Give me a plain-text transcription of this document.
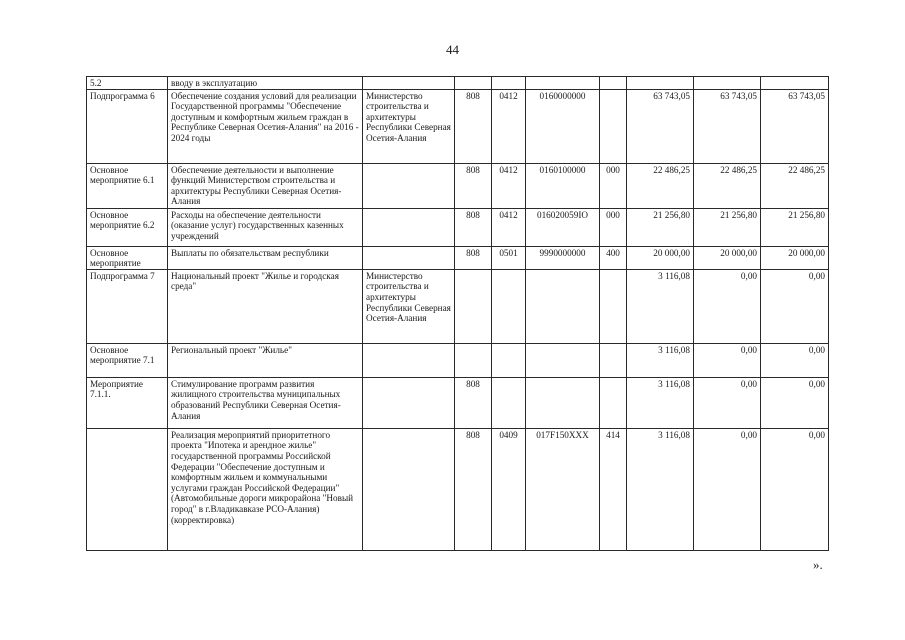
44
5.2	вводу в эксплуатацию								
Подпрограмма 6	Обеспечение создания условий для реализации Государственной программы "Обеспечение доступным и комфортным жильем граждан в Республике Северная Осетия-Алания" на 2016 - 2024 годы	Министерство строительства и архитектуры Республики Северная Осетия-Алания	808	0412	0160000000		63 743,05	63 743,05	63 743,05
Основное мероприятие 6.1	Обеспечение деятельности и выполнение функций Министерством строительства и архитектуры Республики Северная Осетия-Алания		808	0412	0160100000	000	22 486,25	22 486,25	22 486,25
Основное мероприятие 6.2	Расходы на обеспечение деятельности (оказание услуг) государственных казенных учреждений		808	0412	016020059IО	000	21 256,80	21 256,80	21 256,80
Основное мероприятие	Выплаты по обязательствам республики		808	0501	9990000000	400	20 000,00	20 000,00	20 000,00
Подпрограмма 7	Национальный проект "Жилье и городская среда"	Министерство строительства и архитектуры Республики Северная Осетия-Алания					3 116,08	0,00	0,00
Основное мероприятие 7.1	Региональный проект "Жилье"						3 116,08	0,00	0,00
Мероприятие 7.1.1.	Стимулирование программ развития жилищного строительства муниципальных образований Республики Северная Осетия-Алания		808				3 116,08	0,00	0,00
	Реализация мероприятий приоритетного проекта "Ипотека и арендное жилье" государственной программы Российской Федерации "Обеспечение доступным и комфортным жильем и коммунальными услугами граждан Российской Федерации" (Автомобильные дороги микрорайона "Новый город" в г.Владикавказе РСО-Алания) (корректировка)		808	0409	017F150XXX	414	3 116,08	0,00	0,00
».
